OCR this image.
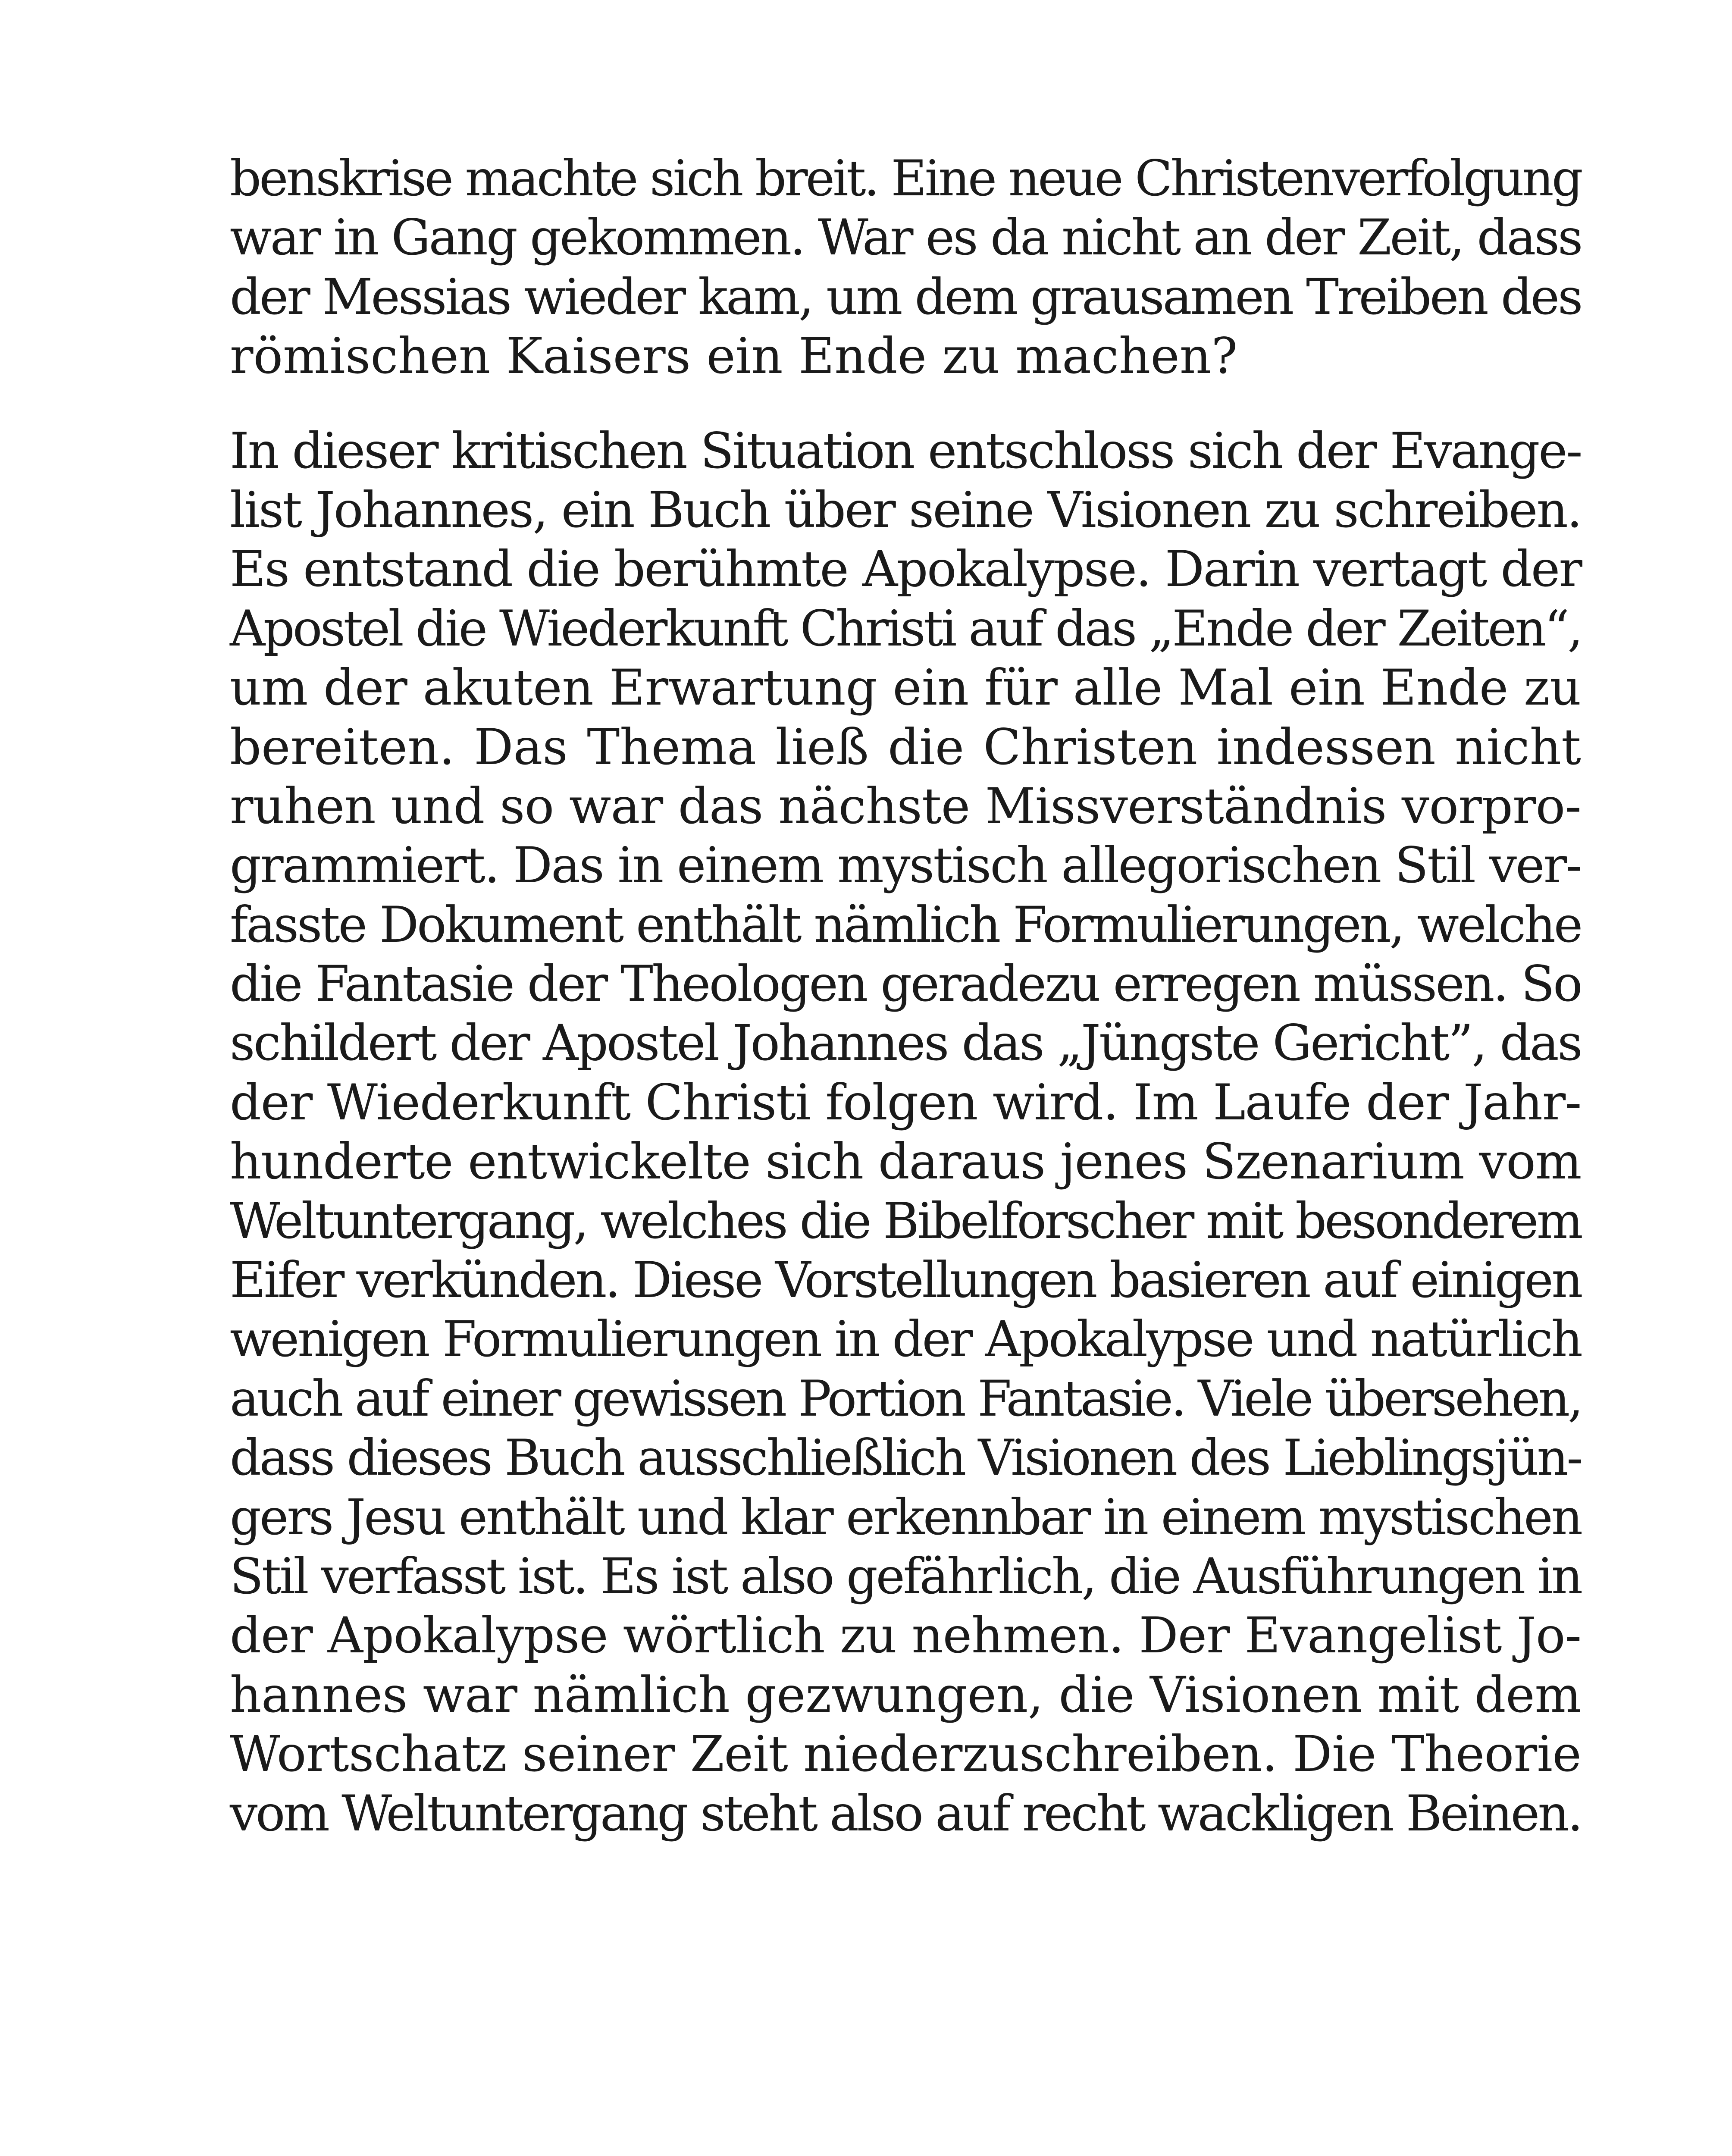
benskrise machte sich breit. Eine neue Christenverfolgung
war in Gang gekommen. War es da nicht an der Zeit, dass
der Messias wieder kam, um dem grausamen Treiben des
römischen Kaisers ein Ende zu machen?
In dieser kritischen Situation entschloss sich der Evange-
list Johannes, ein Buch über seine Visionen zu schreiben.
Es entstand die berühmte Apokalypse. Darin vertagt der
Apostel die Wiederkunft Christi auf das „Ende der Zeiten“,
um der akuten Erwartung ein für alle Mal ein Ende zu
bereiten. Das Thema ließ die Christen indessen nicht
ruhen und so war das nächste Missverständnis vorpro-
grammiert. Das in einem mystisch allegorischen Stil ver-
fasste Dokument enthält nämlich Formulierungen, welche
die Fantasie der Theologen geradezu erregen müssen. So
schildert der Apostel Johannes das „Jüngste Gericht”, das
der Wiederkunft Christi folgen wird. Im Laufe der Jahr-
hunderte entwickelte sich daraus jenes Szenarium vom
Weltuntergang, welches die Bibelforscher mit besonderem
Eifer verkünden. Diese Vorstellungen basieren auf einigen
wenigen Formulierungen in der Apokalypse und natürlich
auch auf einer gewissen Portion Fantasie. Viele übersehen,
dass dieses Buch ausschließlich Visionen des Lieblingsjün-
gers Jesu enthält und klar erkennbar in einem mystischen
Stil verfasst ist. Es ist also gefährlich, die Ausführungen in
der Apokalypse wörtlich zu nehmen. Der Evangelist Jo-
hannes war nämlich gezwungen, die Visionen mit dem
Wortschatz seiner Zeit niederzuschreiben. Die Theorie
vom Weltuntergang steht also auf recht wackligen Beinen.
